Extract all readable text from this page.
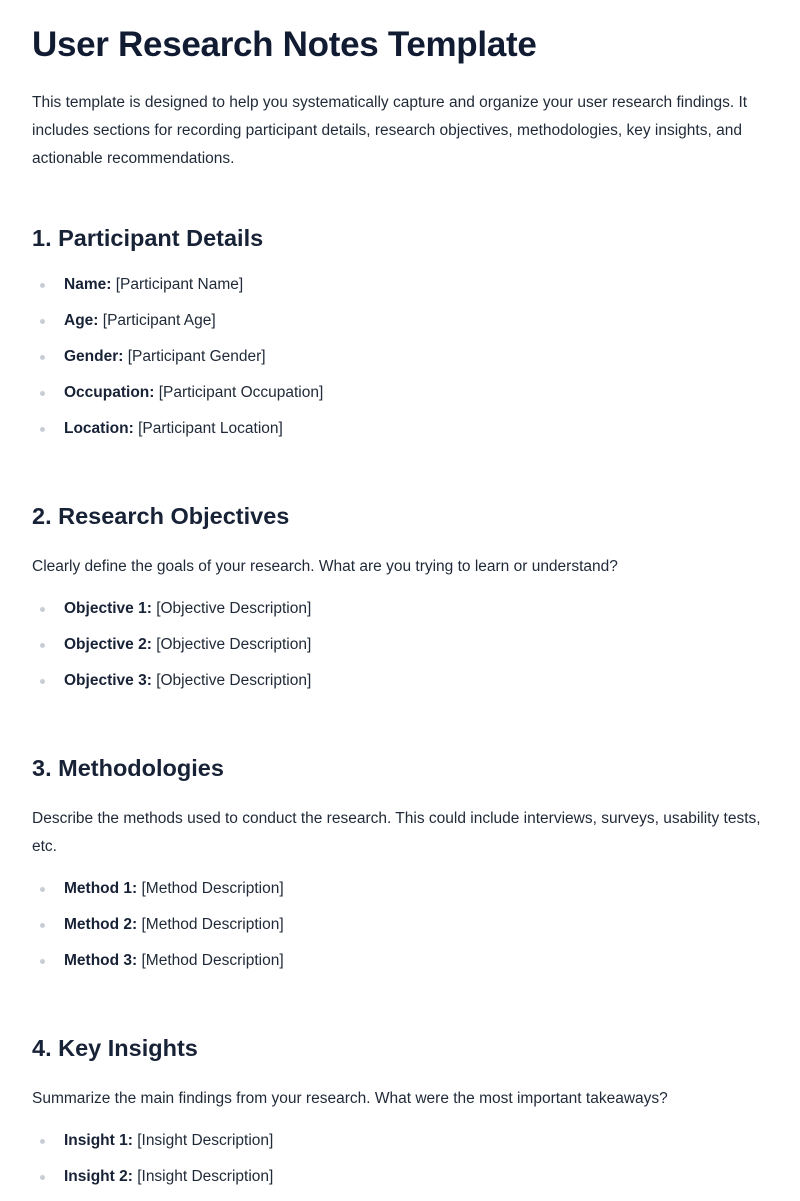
User Research Notes Template

This template is designed to help you systematically capture and organize your user research findings. It includes sections for recording participant details, research objectives, methodologies, key insights, and actionable recommendations.

1. Participant Details
Name: [Participant Name]
Age: [Participant Age]
Gender: [Participant Gender]
Occupation: [Participant Occupation]
Location: [Participant Location]
2. Research Objectives

Clearly define the goals of your research. What are you trying to learn or understand?

Objective 1: [Objective Description]
Objective 2: [Objective Description]
Objective 3: [Objective Description]
3. Methodologies

Describe the methods used to conduct the research. This could include interviews, surveys, usability tests, etc.

Method 1: [Method Description]
Method 2: [Method Description]
Method 3: [Method Description]
4. Key Insights

Summarize the main findings from your research. What were the most important takeaways?

Insight 1: [Insight Description]
Insight 2: [Insight Description]
